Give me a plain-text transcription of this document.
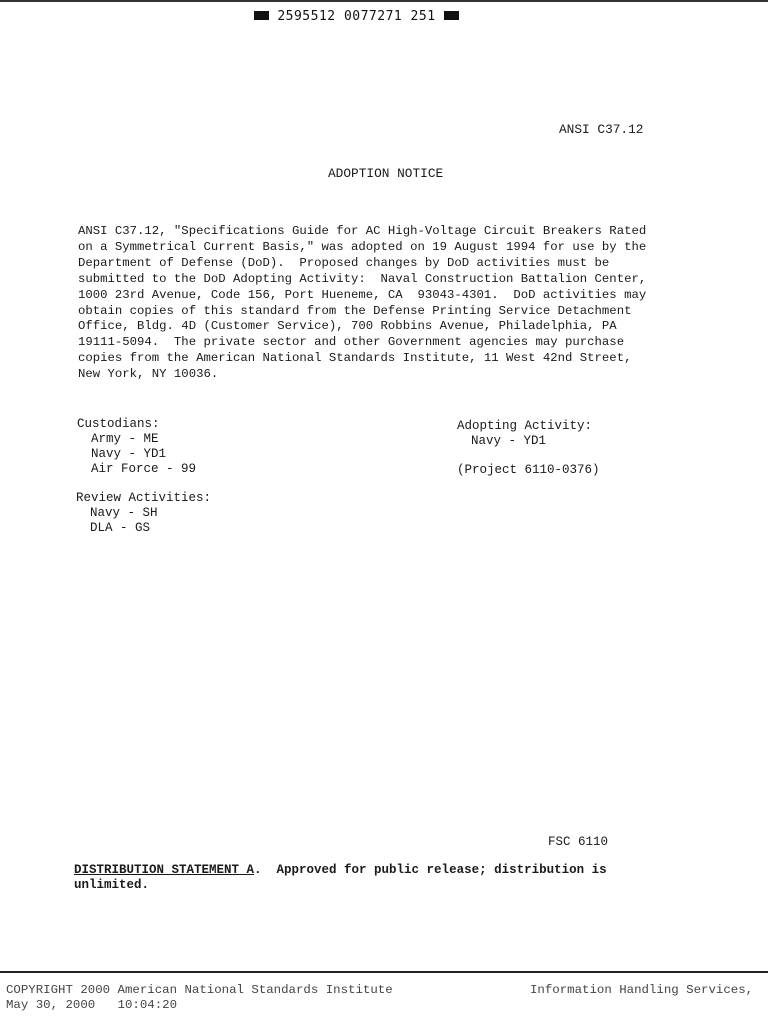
2595512 0077271 251
ANSI C37.12
ADOPTION NOTICE
ANSI C37.12, "Specifications Guide for AC High-Voltage Circuit Breakers Rated
on a Symmetrical Current Basis," was adopted on 19 August 1994 for use by the
Department of Defense (DoD).  Proposed changes by DoD activities must be
submitted to the DoD Adopting Activity:  Naval Construction Battalion Center,
1000 23rd Avenue, Code 156, Port Hueneme, CA  93043-4301.  DoD activities may
obtain copies of this standard from the Defense Printing Service Detachment
Office, Bldg. 4D (Customer Service), 700 Robbins Avenue, Philadelphia, PA
19111-5094.  The private sector and other Government agencies may purchase
copies from the American National Standards Institute, 11 West 42nd Street,
New York, NY 10036.
Custodians:
Army - ME
Navy - YD1
Air Force - 99
Adopting Activity:
Navy - YD1
(Project 6110-0376)
Review Activities:
Navy - SH
DLA - GS
FSC 6110
DISTRIBUTION STATEMENT A.  Approved for public release; distribution is
unlimited.
COPYRIGHT 2000 American National Standards Institute
May 30, 2000   10:04:20
Information Handling Services,
